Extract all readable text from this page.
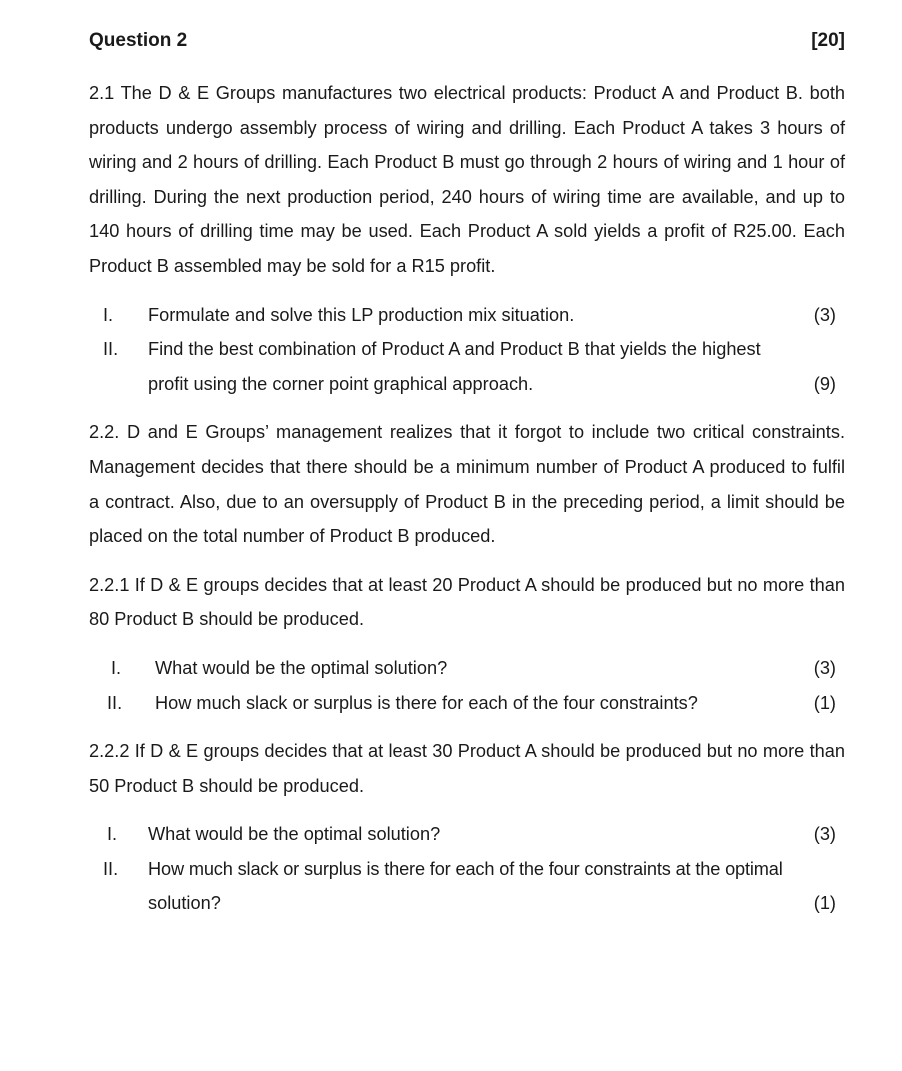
Question 2	[20]

2.1 The D & E Groups manufactures two electrical products: Product A and Product B. both products undergo assembly process of wiring and drilling. Each Product A takes 3 hours of wiring and 2 hours of drilling. Each Product B must go through 2 hours of wiring and 1 hour of drilling. During the next production period, 240 hours of wiring time are available, and up to 140 hours of drilling time may be used. Each Product A sold yields a profit of R25.00. Each Product B assembled may be sold for a R15 profit.

I.	Formulate and solve this LP production mix situation.	(3)
II.	Find the best combination of Product A and Product B that yields the highest
profit using the corner point graphical approach.	(9)

2.2. D and E Groups’ management realizes that it forgot to include two critical constraints. Management decides that there should be a minimum number of Product A produced to fulfil a contract. Also, due to an oversupply of Product B in the preceding period, a limit should be placed on the total number of Product B produced.

2.2.1 If D & E groups decides that at least 20 Product A should be produced but no more than 80 Product B should be produced.

I.	What would be the optimal solution?	(3)
II.	How much slack or surplus is there for each of the four constraints?	(1)

2.2.2 If D & E groups decides that at least 30 Product A should be produced but no more than 50 Product B should be produced.

I.	What would be the optimal solution?	(3)
II.	How much slack or surplus is there for each of the four constraints at the optimal
solution?	(1)
